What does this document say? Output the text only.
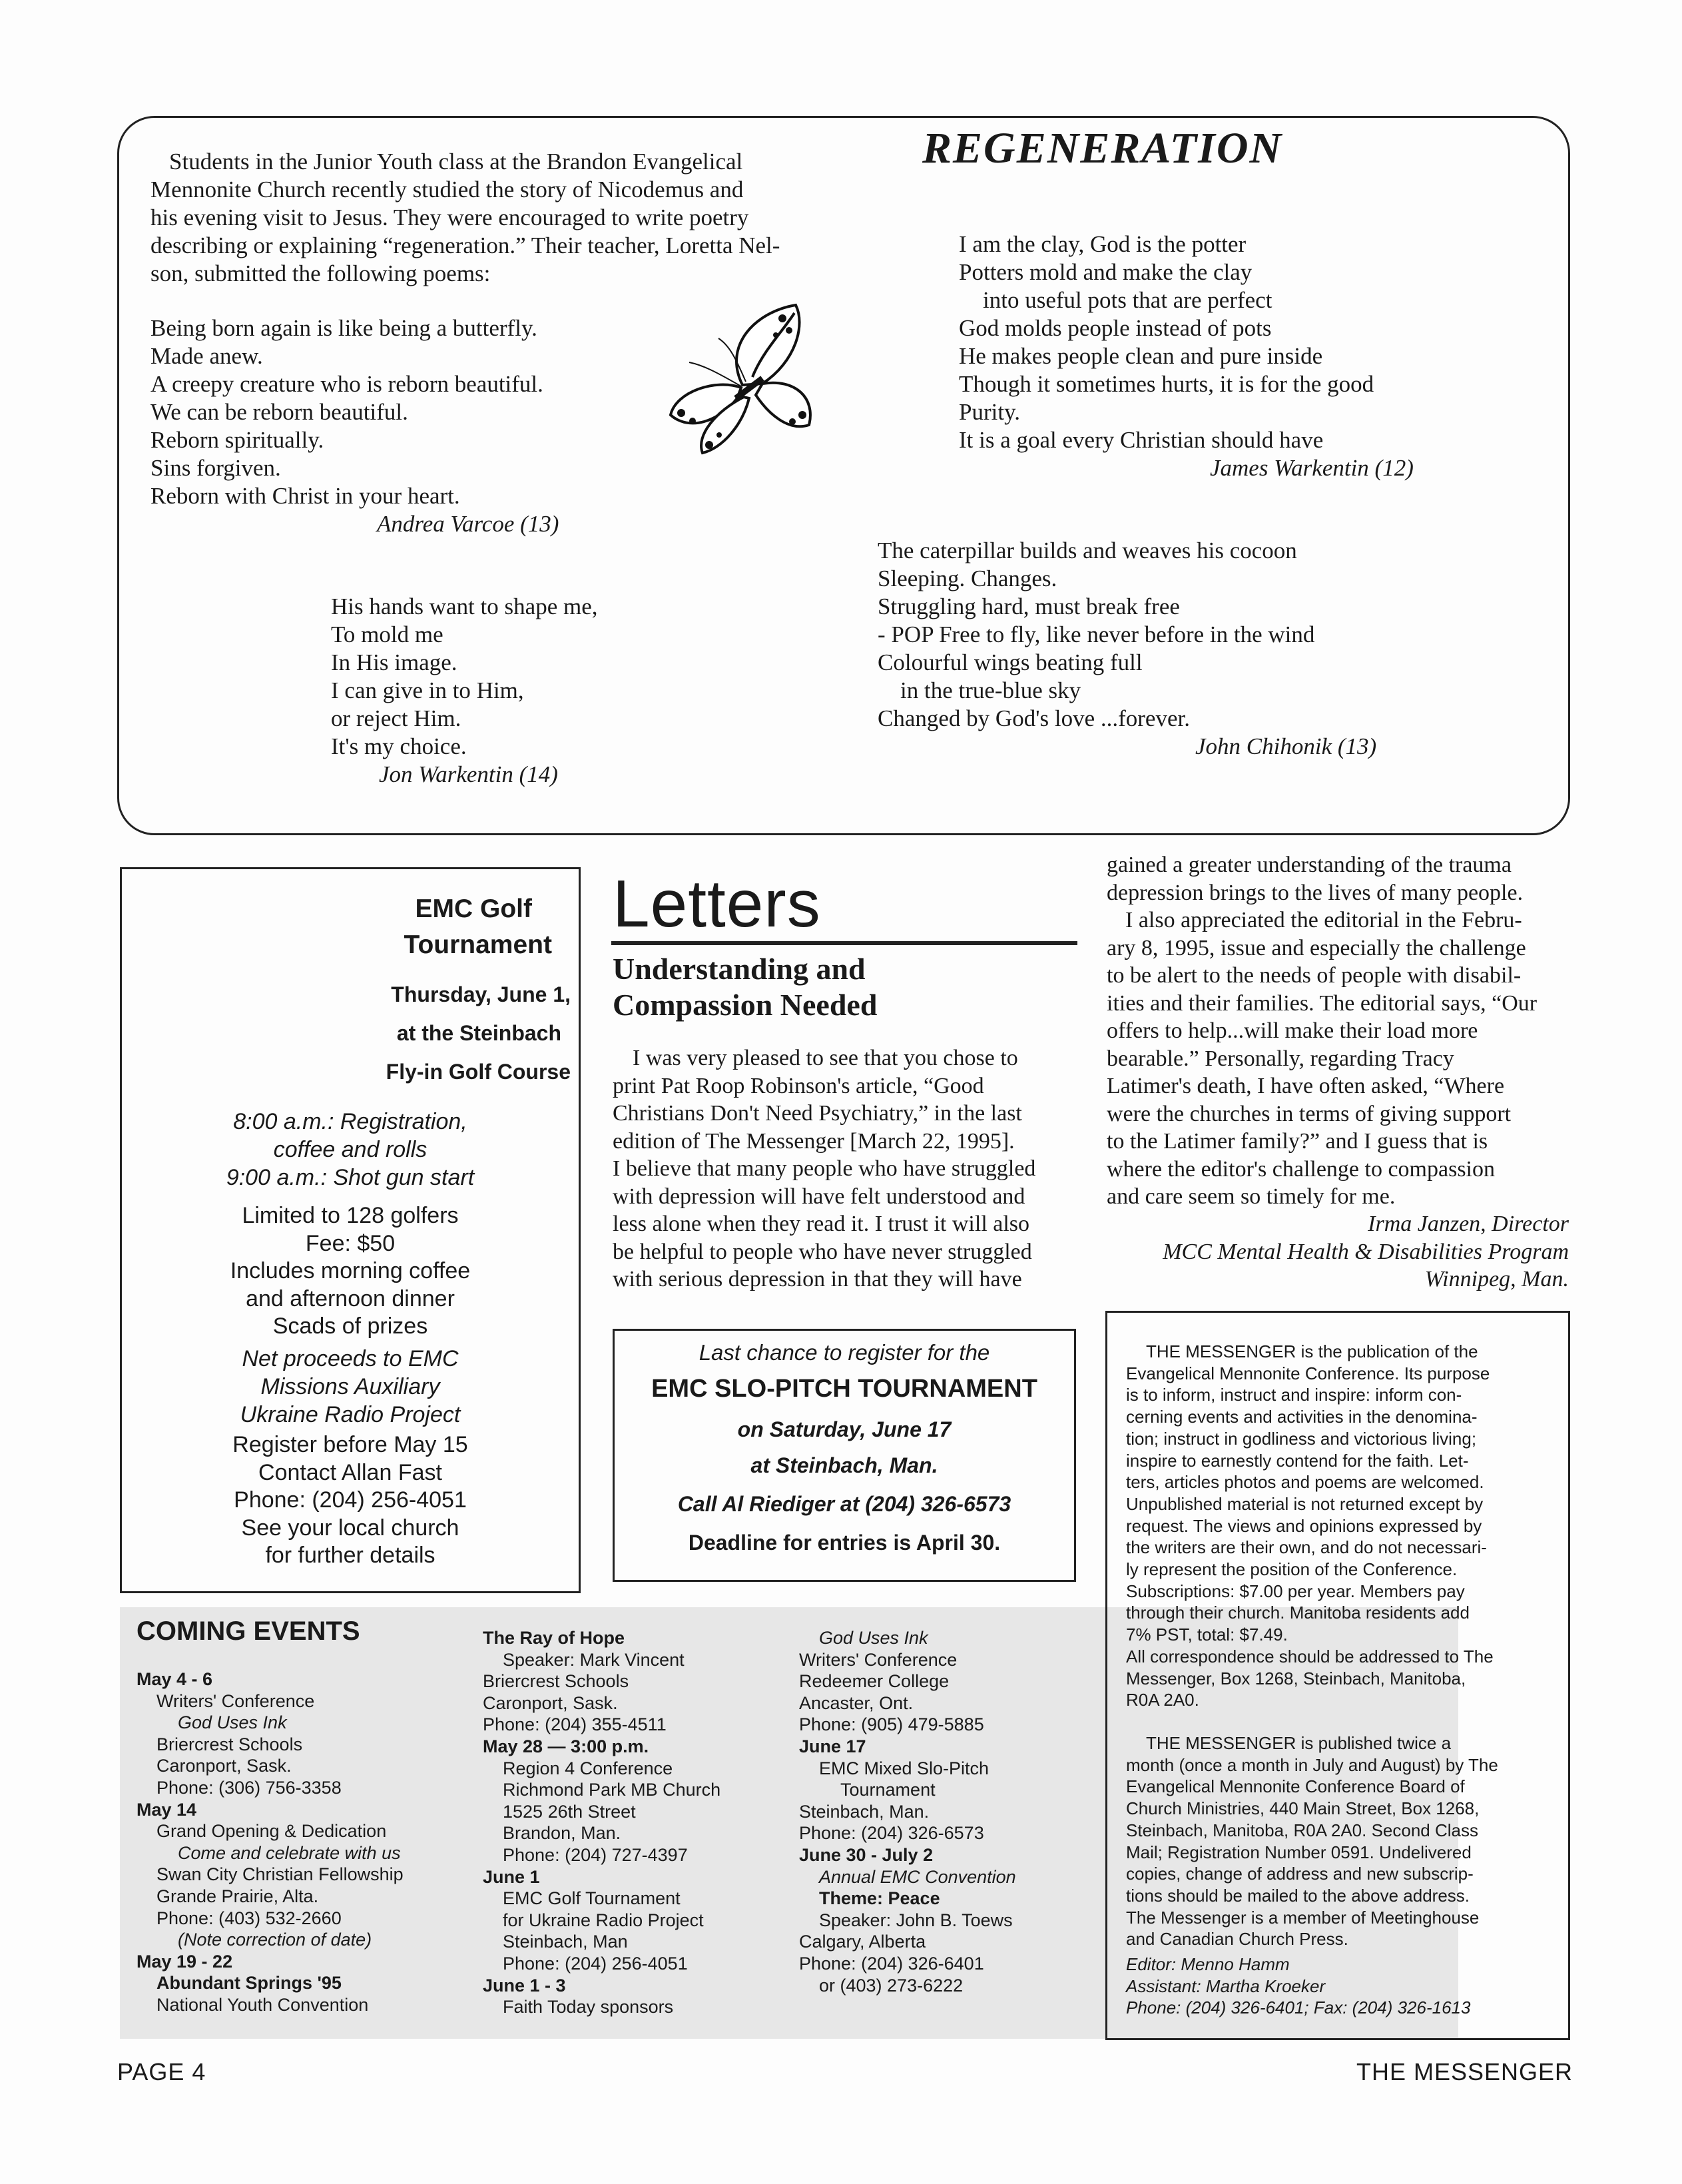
REGENERATION
Students in the Junior Youth class at the Brandon Evangelical
Mennonite Church recently studied the story of Nicodemus and
his evening visit to Jesus. They were encouraged to write poetry
describing or explaining “regeneration.” Their teacher, Loretta Nel-
son, submitted the following poems:
Being born again is like being a butterfly.
Made anew.
A creepy creature who is reborn beautiful.
We can be reborn beautiful.
Reborn spiritually.
Sins forgiven.
Reborn with Christ in your heart.
Andrea Varcoe (13)
I am the clay, God is the potter
Potters mold and make the clay
into useful pots that are perfect
God molds people instead of pots
He makes people clean and pure inside
Though it sometimes hurts, it is for the good
Purity.
It is a goal every Christian should have
James Warkentin (12)
His hands want to shape me,
To mold me
In His image.
I can give in to Him,
or reject Him.
It's my choice.
Jon Warkentin (14)
The caterpillar builds and weaves his cocoon
Sleeping. Changes.
Struggling hard, must break free
- POP Free to fly, like never before in the wind
Colourful wings beating full
in the true-blue sky
Changed by God's love ...forever.
John Chihonik (13)
EMC Golf
Tournament
Thursday, June 1,
at the Steinbach
Fly-in Golf Course
8:00 a.m.: Registration,
coffee and rolls
9:00 a.m.: Shot gun start
Limited to 128 golfers
Fee: $50
Includes morning coffee
and afternoon dinner
Scads of prizes
Net proceeds to EMC
Missions Auxiliary
Ukraine Radio Project
Register before May 15
Contact Allan Fast
Phone: (204) 256-4051
See your local church
for further details
Letters
Understanding and
Compassion Needed
I was very pleased to see that you chose to
print Pat Roop Robinson's article, “Good
Christians Don't Need Psychiatry,” in the last
edition of The Messenger [March 22, 1995].
I believe that many people who have struggled
with depression will have felt understood and
less alone when they read it. I trust it will also
be helpful to people who have never struggled
with serious depression in that they will have
gained a greater understanding of the trauma
depression brings to the lives of many people.
I also appreciated the editorial in the Febru-
ary 8, 1995, issue and especially the challenge
to be alert to the needs of people with disabil-
ities and their families. The editorial says, “Our
offers to help...will make their load more
bearable.” Personally, regarding Tracy
Latimer's death, I have often asked, “Where
were the churches in terms of giving support
to the Latimer family?” and I guess that is
where the editor's challenge to compassion
and care seem so timely for me.
Irma Janzen, Director
MCC Mental Health & Disabilities Program
Winnipeg, Man.
Last chance to register for the
EMC SLO-PITCH TOURNAMENT
on Saturday, June 17
at Steinbach, Man.
Call Al Riediger at (204) 326-6573
Deadline for entries is April 30.
COMING EVENTS
May 4 - 6
Writers' Conference
God Uses Ink
Briercrest Schools
Caronport, Sask.
Phone: (306) 756-3358
May 14
Grand Opening & Dedication
Come and celebrate with us
Swan City Christian Fellowship
Grande Prairie, Alta.
Phone: (403) 532-2660
(Note correction of date)
May 19 - 22
Abundant Springs '95
National Youth Convention
The Ray of Hope
Speaker: Mark Vincent
Briercrest Schools
Caronport, Sask.
Phone: (204) 355-4511
May 28 — 3:00 p.m.
Region 4 Conference
Richmond Park MB Church
1525 26th Street
Brandon, Man.
Phone: (204) 727-4397
June 1
EMC Golf Tournament
for Ukraine Radio Project
Steinbach, Man
Phone: (204) 256-4051
June 1 - 3
Faith Today sponsors
God Uses Ink
Writers' Conference
Redeemer College
Ancaster, Ont.
Phone: (905) 479-5885
June 17
EMC Mixed Slo-Pitch
Tournament
Steinbach, Man.
Phone: (204) 326-6573
June 30 - July 2
Annual EMC Convention
Theme: Peace
Speaker: John B. Toews
Calgary, Alberta
Phone: (204) 326-6401
or (403) 273-6222
THE MESSENGER is the publication of the
Evangelical Mennonite Conference. Its purpose
is to inform, instruct and inspire: inform con-
cerning events and activities in the denomina-
tion; instruct in godliness and victorious living;
inspire to earnestly contend for the faith. Let-
ters, articles photos and poems are welcomed.
Unpublished material is not returned except by
request. The views and opinions expressed by
the writers are their own, and do not necessari-
ly represent the position of the Conference.
Subscriptions: $7.00 per year. Members pay
through their church. Manitoba residents add
7% PST, total: $7.49.
All correspondence should be addressed to The
Messenger, Box 1268, Steinbach, Manitoba,
R0A 2A0.
THE MESSENGER is published twice a
month (once a month in July and August) by The
Evangelical Mennonite Conference Board of
Church Ministries, 440 Main Street, Box 1268,
Steinbach, Manitoba, R0A 2A0. Second Class
Mail; Registration Number 0591. Undelivered
copies, change of address and new subscrip-
tions should be mailed to the above address.
The Messenger is a member of Meetinghouse
and Canadian Church Press.
Editor: Menno Hamm
Assistant: Martha Kroeker
Phone: (204) 326-6401; Fax: (204) 326-1613
PAGE 4	THE MESSENGER
